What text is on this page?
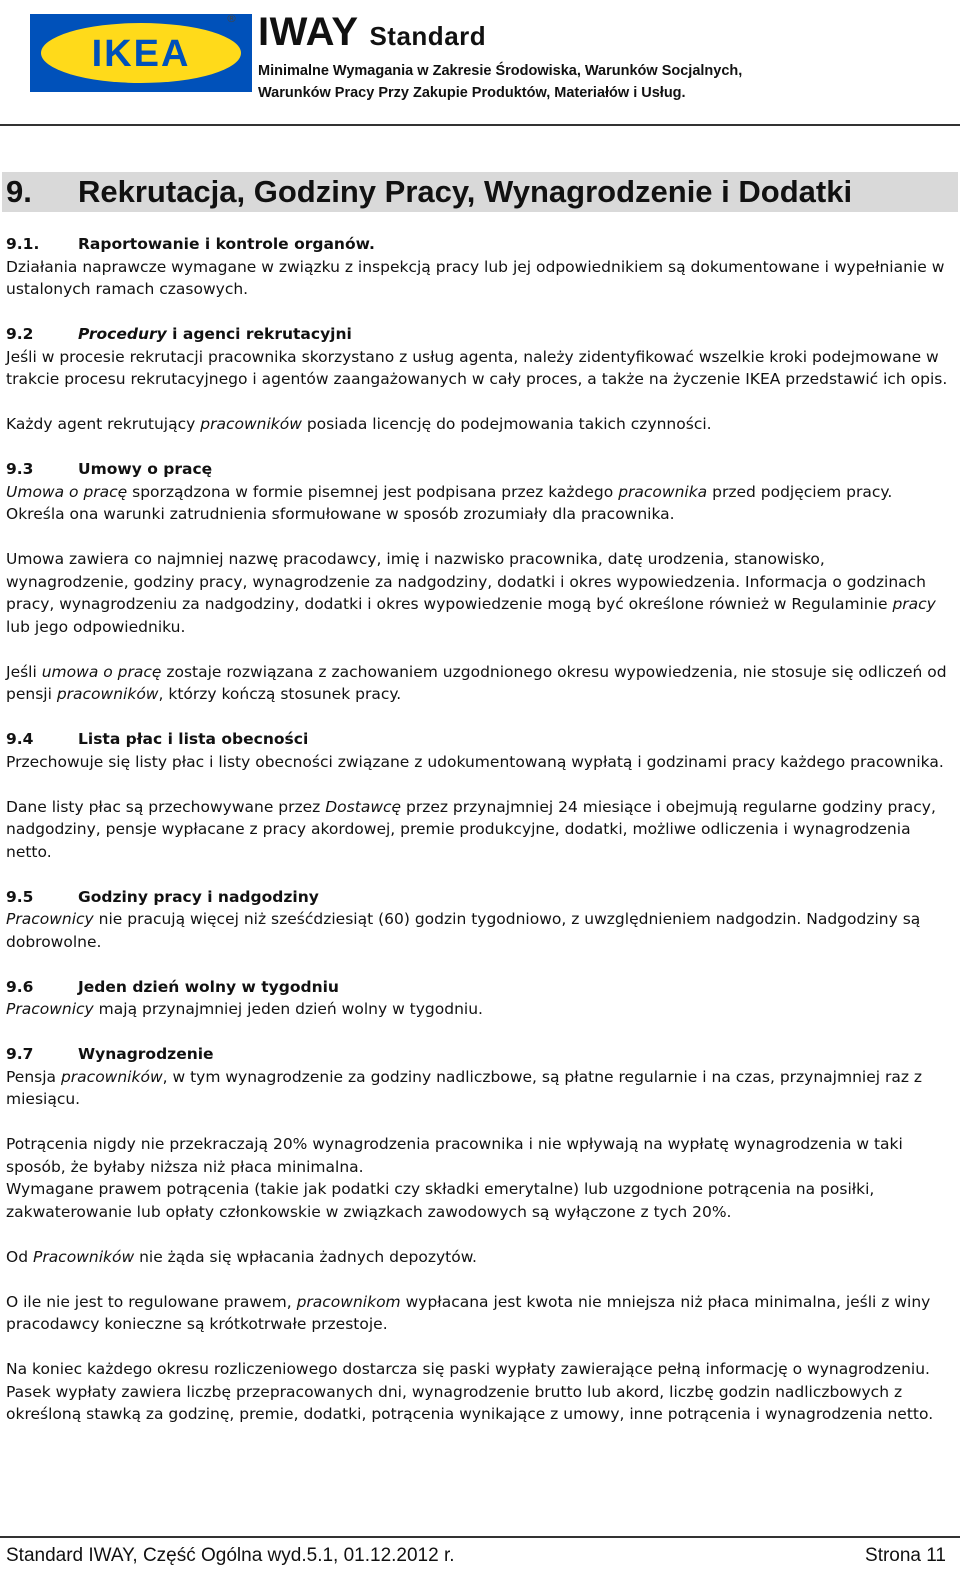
IKEA
® IWAY Standard
Minimalne Wymagania w Zakresie Środowiska, Warunków Socjalnych,
Warunków Pracy Przy Zakupie Produktów, Materiałów i Usług.
9. Rekrutacja, Godziny Pracy, Wynagrodzenie i Dodatki

9.1. Raportowanie i kontrole organów.

Działania naprawcze wymagane w związku z inspekcją pracy lub jej odpowiednikiem są dokumentowane i wypełnianie w ustalonych ramach czasowych.

9.2	Procedury i agenci rekrutacyjni

Jeśli w procesie rekrutacji pracownika skorzystano z usług agenta, należy zidentyfikować wszelkie kroki podejmowane w trakcie procesu rekrutacyjnego i agentów zaangażowanych w cały proces, a także na życzenie IKEA przedstawić ich opis.

Każdy agent rekrutujący pracowników posiada licencję do podejmowania takich czynności.

9.3	Umowy o pracę

Umowa o pracę sporządzona w formie pisemnej jest podpisana przez każdego pracownika przed podjęciem pracy. Określa ona warunki zatrudnienia sformułowane w sposób zrozumiały dla pracownika.

Umowa zawiera co najmniej nazwę pracodawcy, imię i nazwisko pracownika, datę urodzenia, stanowisko, wynagrodzenie, godziny pracy, wynagrodzenie za nadgodziny, dodatki i okres wypowiedzenia. Informacja o godzinach pracy, wynagrodzeniu za nadgodziny, dodatki i okres wypowiedzenie mogą być określone również w Regulaminie pracy lub jego odpowiedniku.

Jeśli umowa o pracę zostaje rozwiązana z zachowaniem uzgodnionego okresu wypowiedzenia, nie stosuje się odliczeń od pensji pracowników, którzy kończą stosunek pracy.

9.4	Lista płac i lista obecności

Przechowuje się listy płac i listy obecności związane z udokumentowaną wypłatą i godzinami pracy każdego pracownika.

Dane listy płac są przechowywane przez Dostawcę przez przynajmniej 24 miesiące i obejmują regularne godziny pracy, nadgodziny, pensje wypłacane z pracy akordowej, premie produkcyjne, dodatki, możliwe odliczenia i wynagrodzenia netto.

9.5	Godziny pracy i nadgodziny

Pracownicy nie pracują więcej niż sześćdziesiąt (60) godzin tygodniowo, z uwzględnieniem nadgodzin. Nadgodziny są dobrowolne.

9.6	Jeden dzień wolny w tygodniu

Pracownicy mają przynajmniej jeden dzień wolny w tygodniu.

9.7	Wynagrodzenie

Pensja pracowników, w tym wynagrodzenie za godziny nadliczbowe, są płatne regularnie i na czas, przynajmniej raz z miesiącu.

Potrącenia nigdy nie przekraczają 20% wynagrodzenia pracownika i nie wpływają na wypłatę wynagrodzenia w taki sposób, że byłaby niższa niż płaca minimalna.

Wymagane prawem potrącenia (takie jak podatki czy składki emerytalne) lub uzgodnione potrącenia na posiłki, zakwaterowanie lub opłaty członkowskie w związkach zawodowych są wyłączone z tych 20%.

Od Pracowników nie żąda się wpłacania żadnych depozytów.

O ile nie jest to regulowane prawem, pracownikom wypłacana jest kwota nie mniejsza niż płaca minimalna, jeśli z winy pracodawcy konieczne są krótkotrwałe przestoje.

Na koniec każdego okresu rozliczeniowego dostarcza się paski wypłaty zawierające pełną informację o wynagrodzeniu. Pasek wypłaty zawiera liczbę przepracowanych dni, wynagrodzenie brutto lub akord, liczbę godzin nadliczbowych z określoną stawką za godzinę, premie, dodatki, potrącenia wynikające z umowy, inne potrącenia i wynagrodzenia netto.

Standard IWAY, Część Ogólna wyd.5.1, 01.12.2012 r.	Strona 11
